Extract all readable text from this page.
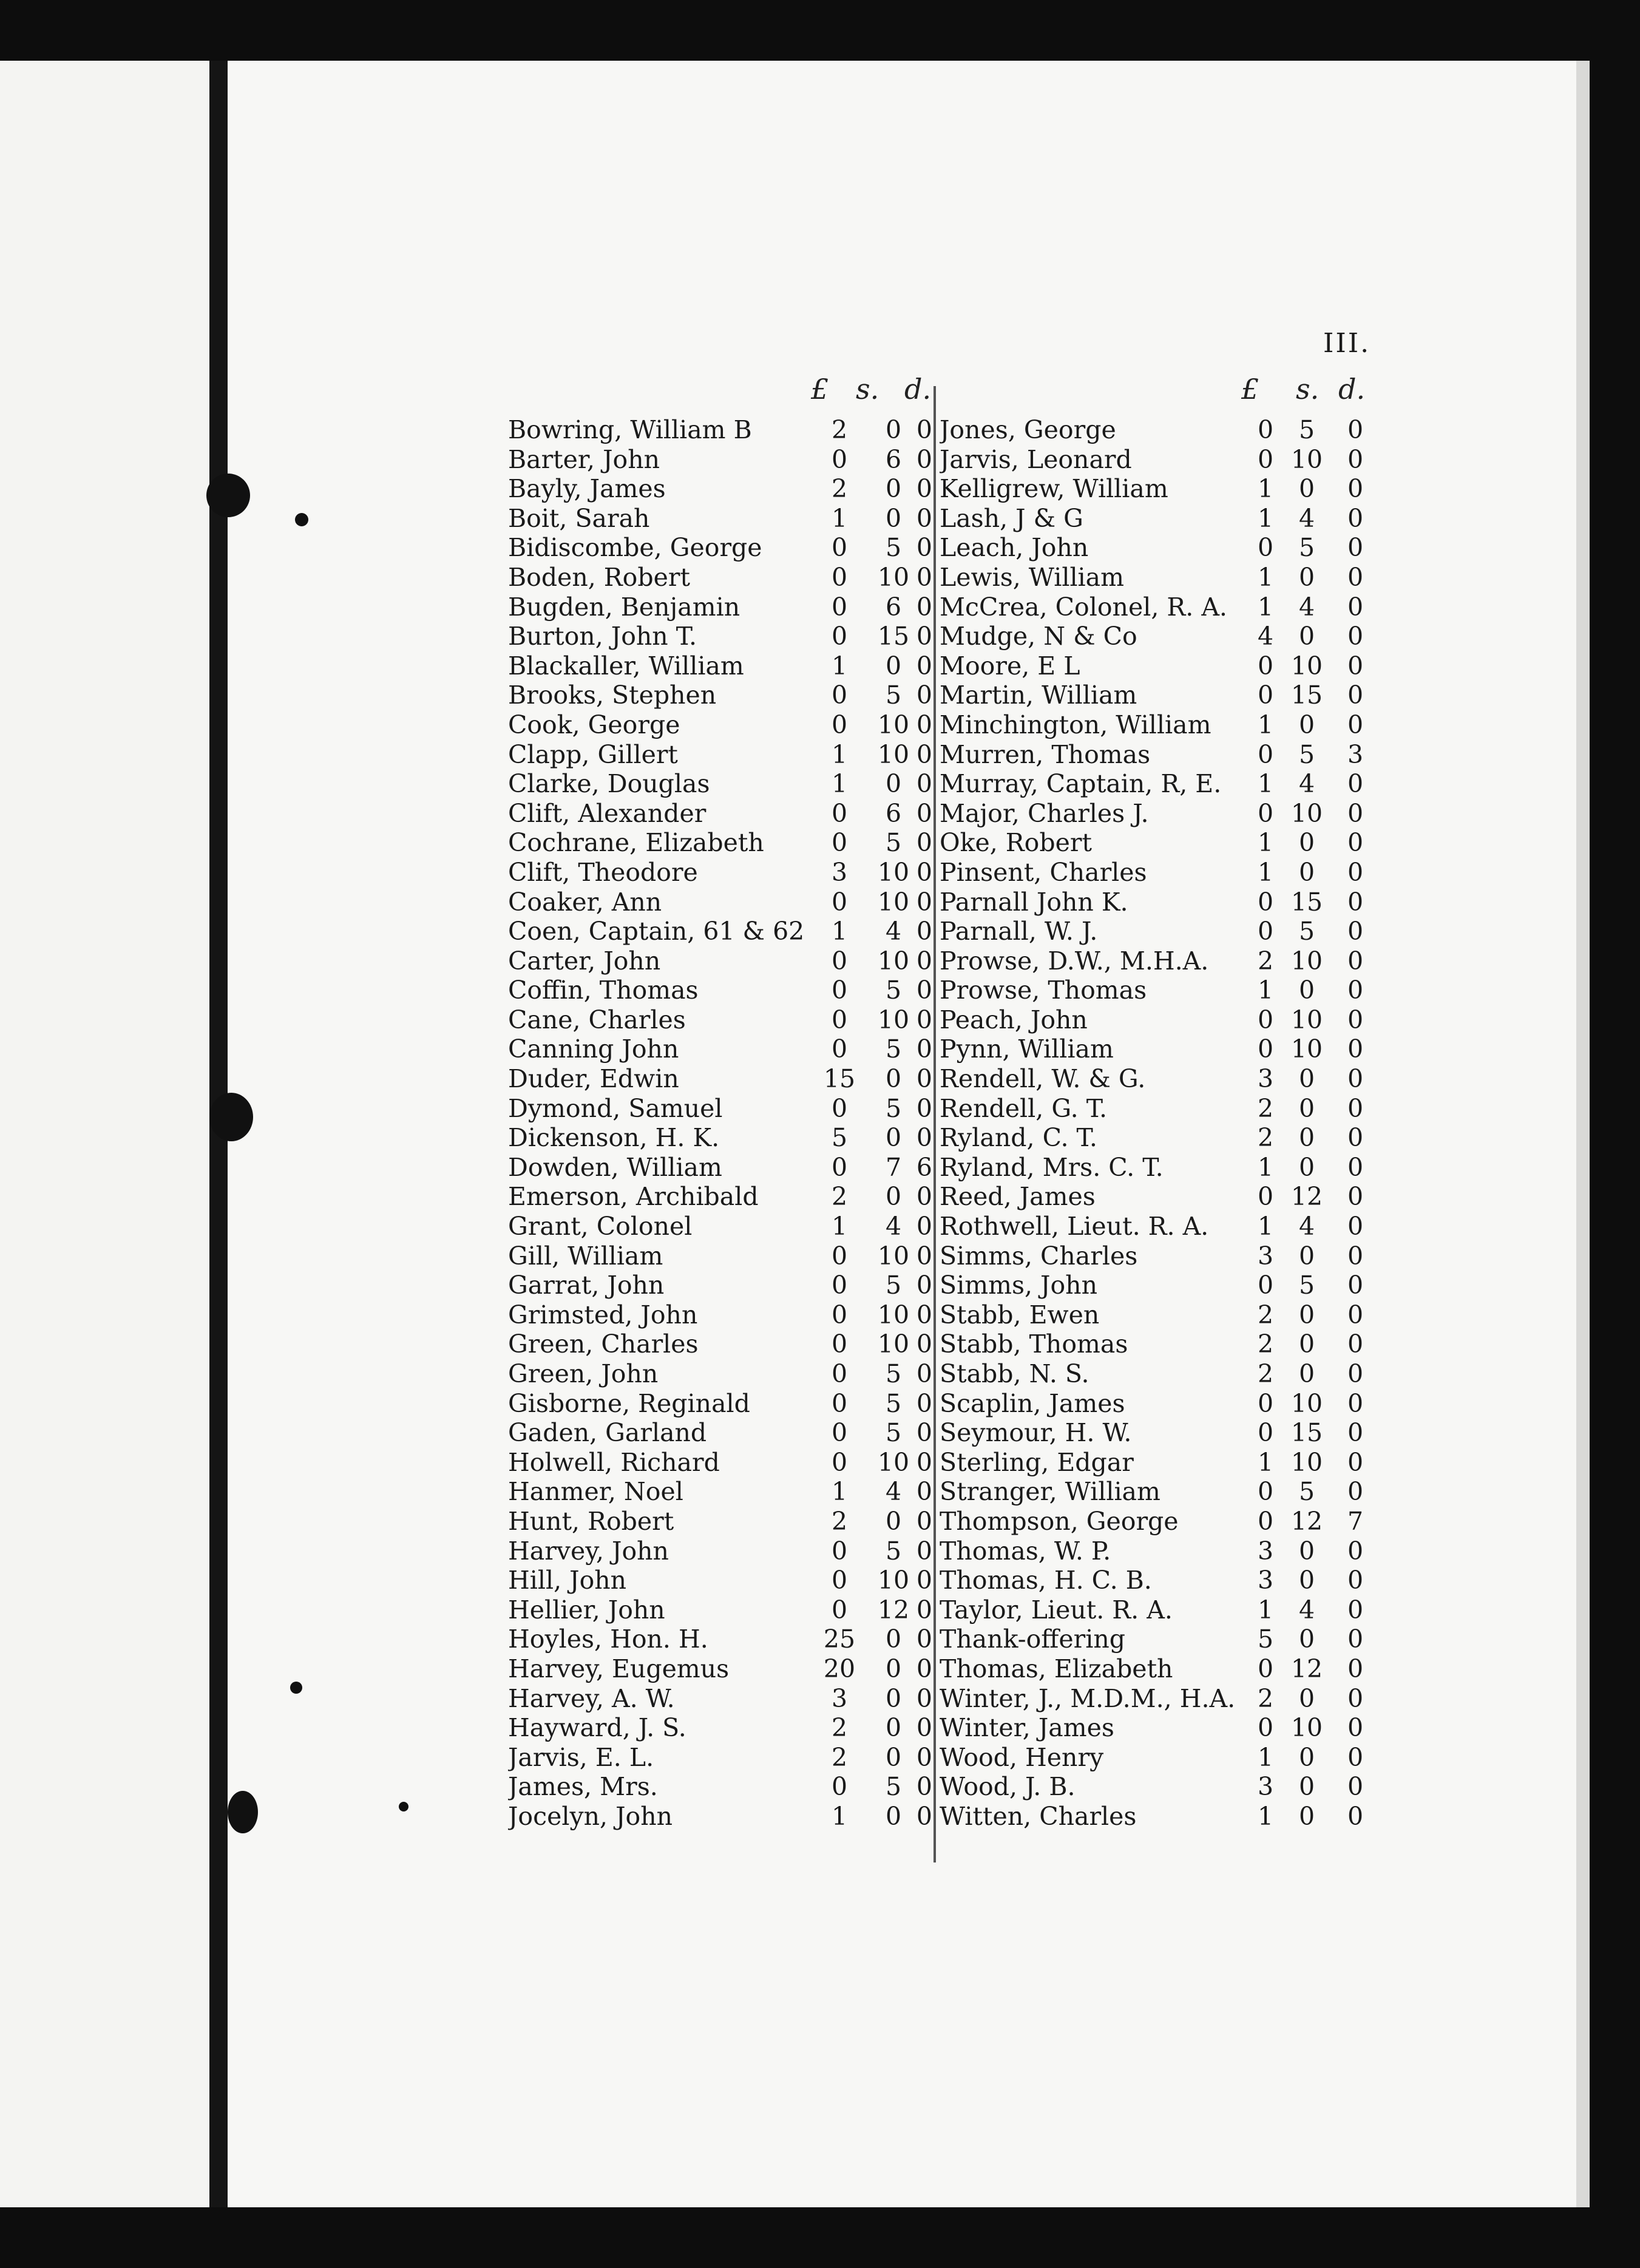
III.
£ s. d.	£ s. d.
Bowring, William B	2	0 0 Jones, George	0	5	0
Barter, John	0	6 0 Jarvis, Leonard	0 10 0
Bayly, James	2	0 0 Kelligrew, William	1	0	0
Boit, Sarah	1	0 0 Lash, J & G	1	4	0
Bidiscombe, George	0	5 0 Leach, John	0	5	0
Boden, Robert	0	10 0 Lewis, William	1	0	0
Bugden, Benjamin	0	6 0 McCrea, Colonel, R. A.	1	4	0
Burton, John T.	0	15 0 Mudge, N & Co	4	0	0
Blackaller, William	1	0 0 Moore, E L	0 10 0
Brooks, Stephen	0	5 0 Martin, William	0 15 0
Cook, George	0	10 0 Minchington, William	1	0	0
Clapp, Gillert	1	10 0 Murren, Thomas	0	5	3
Clarke, Douglas	1	0 0 Murray, Captain, R, E.	1	4	0
Clift, Alexander	0	6 0 Major, Charles J.	0 10 0
Cochrane, Elizabeth	0	5 0 Oke, Robert	1	0	0
Clift, Theodore	3	10 0 Pinsent, Charles	1	0	0
Coaker, Ann	0	10 0 Parnall John K.	0 15 0
Coen, Captain, 61 & 62	1	4 0 Parnall, W. J.	0	5	0
Carter, John	0	10 0 Prowse, D.W., M.H.A.	2 10 0
Coffin, Thomas	0	5 0 Prowse, Thomas	1	0	0
Cane, Charles	0	10 0 Peach, John	0 10 0
Canning John	0	5 0 Pynn, William	0 10 0
Duder, Edwin	15	0 0 Rendell, W. & G.	3	0	0
Dymond, Samuel	0	5 0 Rendell, G. T.	2	0	0
Dickenson, H. K.	5	0 0 Ryland, C. T.	2	0	0
Dowden, William	0	7 6 Ryland, Mrs. C. T.	1	0	0
Emerson, Archibald	2	0 0 Reed, James	0 12 0
Grant, Colonel	1	4 0 Rothwell, Lieut. R. A.	1	4	0
Gill, William	0	10 0 Simms, Charles	3	0	0
Garrat, John	0	5 0 Simms, John	0	5	0
Grimsted, John	0	10 0 Stabb, Ewen	2	0	0
Green, Charles	0	10 0 Stabb, Thomas	2	0	0
Green, John	0	5 0 Stabb, N. S.	2	0	0
Gisborne, Reginald	0	5 0 Scaplin, James	0 10 0
Gaden, Garland	0	5 0 Seymour, H. W.	0 15 0
Holwell, Richard	0	10 0 Sterling, Edgar	1 10 0
Hanmer, Noel	1	4 0 Stranger, William	0	5	0
Hunt, Robert	2	0 0 Thompson, George	0 12 7
Harvey, John	0	5 0 Thomas, W. P.	3	0	0
Hill, John	0	10 0 Thomas, H. C. B.	3	0	0
Hellier, John	0	12 0 Taylor, Lieut. R. A.	1	4	0
Hoyles, Hon. H.	25	0 0 Thank-offering	5	0	0
Harvey, Eugemus	20	0 0 Thomas, Elizabeth	0 12 0
Harvey, A. W.	3	0 0 Winter, J., M.D.M., H.A. 2	0	0
Hayward, J. S.	2	0 0 Winter, James	0 10 0
Jarvis, E. L.	2	0 0 Wood, Henry	1	0	0
James, Mrs.	0	5 0 Wood, J. B.	3	0	0
Jocelyn, John	1	0 0 Witten, Charles	1	0	0
